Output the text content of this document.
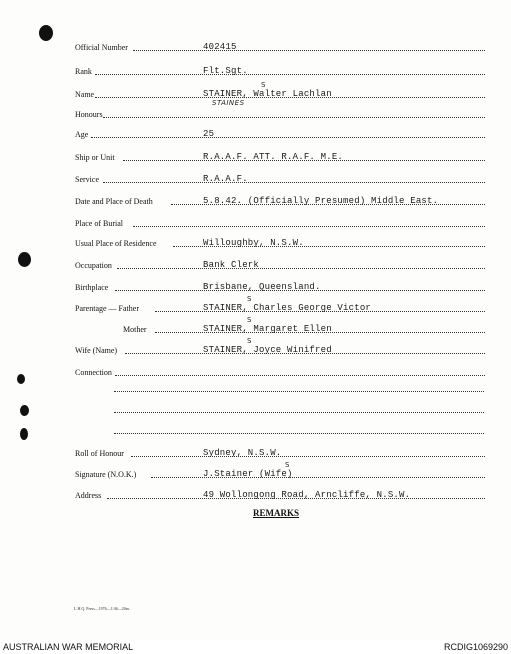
Official Number	402415
Rank	Flt.Sgt.
Name	STAINER, Walter Lachlan
S
STAINES
Honours
Age	25
Ship or Unit	R.A.A.F. ATT. R.A.F. M.E.
Service	R.A.A.F.
Date and Place of Death	5.8.42. (Officially Presumed) Middle East.
Place of Burial
Usual Place of Residence	Willoughby, N.S.W.
Occupation	Bank Clerk
Birthplace	Brisbane, Queensland.
Parentage — Father	STAINER, Charles George Victor
S
Mother	STAINER, Margaret Ellen
S
Wife (Name)	STAINER, Joyce Winifred
S
Connection
Roll of Honour	Sydney, N.S.W.
Signature (N.O.K.)	J.Stainer (Wife)
S
Address	49 Wollongong Road, Arncliffe, N.S.W.
REMARKS
L.H.Q. Press—1976—1/46—20m.
AUSTRALIAN WAR MEMORIAL	RCDIG1069290
